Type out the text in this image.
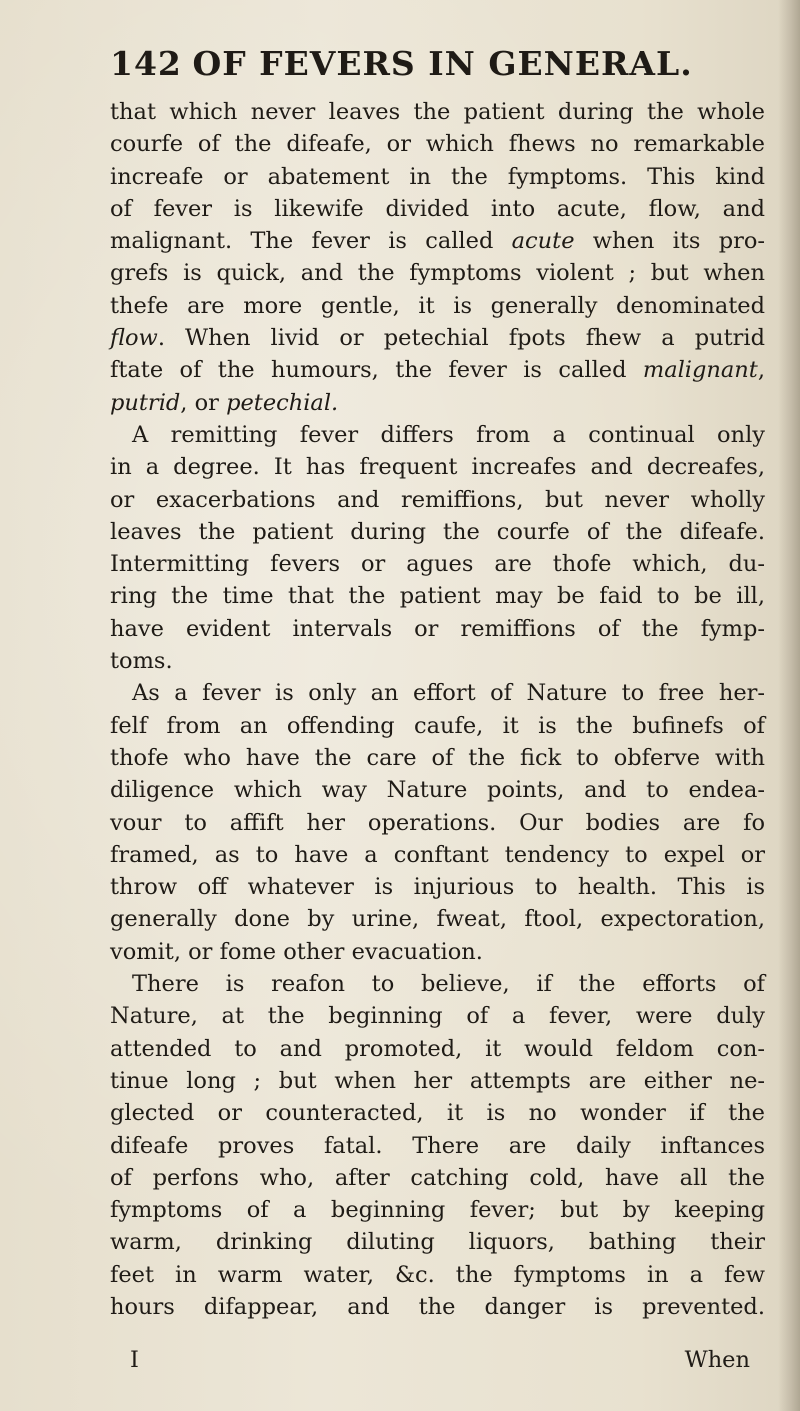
142 OF FEVERS IN GENERAL.
that which never leaves the patient during the whole
courfe of the difeafe, or which fhews no remarkable
increafe or abatement in the fymptoms. This kind
of fever is likewife divided into acute, flow, and
malignant. The fever is called acute when its pro-
grefs is quick, and the fymptoms violent ; but when
thefe are more gentle, it is generally denominated
flow. When livid or petechial fpots fhew a putrid
ftate of the humours, the fever is called malignant,
putrid, or petechial.
A remitting fever differs from a continual only
in a degree. It has frequent increafes and decreafes,
or exacerbations and remiffions, but never wholly
leaves the patient during the courfe of the difeafe.
Intermitting fevers or agues are thofe which, du-
ring the time that the patient may be faid to be ill,
have evident intervals or remiffions of the fymp-
toms.
As a fever is only an effort of Nature to free her-
felf from an offending caufe, it is the bufinefs of
thofe who have the care of the fick to obferve with
diligence which way Nature points, and to endea-
vour to affift her operations. Our bodies are fo
framed, as to have a conftant tendency to expel or
throw off whatever is injurious to health. This is
generally done by urine, fweat, ftool, expectoration,
vomit, or fome other evacuation.
There is reafon to believe, if the efforts of
Nature, at the beginning of a fever, were duly
attended to and promoted, it would feldom con-
tinue long ; but when her attempts are either ne-
glected or counteracted, it is no wonder if the
difeafe proves fatal. There are daily inftances
of perfons who, after catching cold, have all the
fymptoms of a beginning fever; but by keeping
warm, drinking diluting liquors, bathing their
feet in warm water, &c. the fymptoms in a few
hours difappear, and the danger is prevented.
I	When
